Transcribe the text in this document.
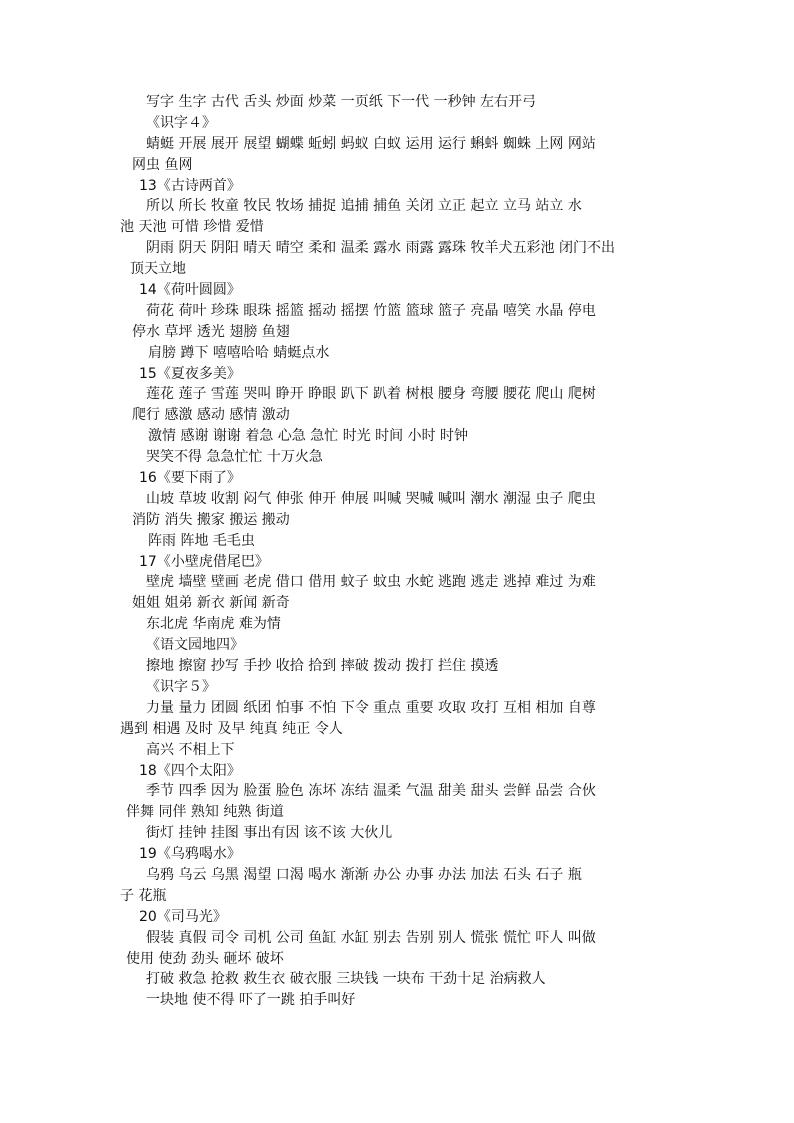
写字 生字 古代 舌头 炒面 炒菜 一页纸 下一代 一秒钟 左右开弓
《识字４》
蜻蜓 开展 展开 展望 蝴蝶 蚯蚓 蚂蚁 白蚁 运用 运行 蝌蚪 蜘蛛 上网 网站
网虫 鱼网
13《古诗两首》
所以 所长 牧童 牧民 牧场 捕捉 追捕 捕鱼 关闭 立正 起立 立马 站立 水
池 天池 可惜 珍惜 爱惜
阴雨 阴天 阴阳 晴天 晴空 柔和 温柔 露水 雨露 露珠 牧羊犬五彩池 闭门不出
顶天立地
14《荷叶圆圆》
荷花 荷叶 珍珠 眼珠 摇篮 摇动 摇摆 竹篮 篮球 篮子 亮晶 嘻笑 水晶 停电
停水 草坪 透光 翅膀 鱼翅
肩膀 蹲下 嘻嘻哈哈 蜻蜓点水
15《夏夜多美》
莲花 莲子 雪莲 哭叫 睁开 睁眼 趴下 趴着 树根 腰身 弯腰 腰花 爬山 爬树
爬行 感激 感动 感情 激动
激情 感谢 谢谢 着急 心急 急忙 时光 时间 小时 时钟
哭笑不得 急急忙忙 十万火急
16《要下雨了》
山坡 草坡 收割 闷气 伸张 伸开 伸展 叫喊 哭喊 喊叫 潮水 潮湿 虫子 爬虫
消防 消失 搬家 搬运 搬动
阵雨 阵地 毛毛虫
17《小壁虎借尾巴》
壁虎 墙壁 壁画 老虎 借口 借用 蚊子 蚊虫 水蛇 逃跑 逃走 逃掉 难过 为难
姐姐 姐弟 新衣 新闻 新奇
东北虎 华南虎 难为情
《语文园地四》
擦地 擦窗 抄写 手抄 收拾 拾到 摔破 拨动 拨打 拦住 摸透
《识字５》
力量 量力 团圆 纸团 怕事 不怕 下令 重点 重要 攻取 攻打 互相 相加 自尊
遇到 相遇 及时 及早 纯真 纯正 令人
高兴 不相上下
18《四个太阳》
季节 四季 因为 脸蛋 脸色 冻坏 冻结 温柔 气温 甜美 甜头 尝鲜 品尝 合伙
伴舞 同伴 熟知 纯熟 街道
街灯 挂钟 挂图 事出有因 该不该 大伙儿
19《乌鸦喝水》
乌鸦 乌云 乌黑 渴望 口渴 喝水 渐渐 办公 办事 办法 加法 石头 石子 瓶
子 花瓶
20《司马光》
假装 真假 司令 司机 公司 鱼缸 水缸 别去 告别 别人 慌张 慌忙 吓人 叫做
使用 使劲 劲头 砸坏 破坏
打破 救急 抢救 救生衣 破衣服 三块钱 一块布 干劲十足 治病救人
一块地 使不得 吓了一跳 拍手叫好
